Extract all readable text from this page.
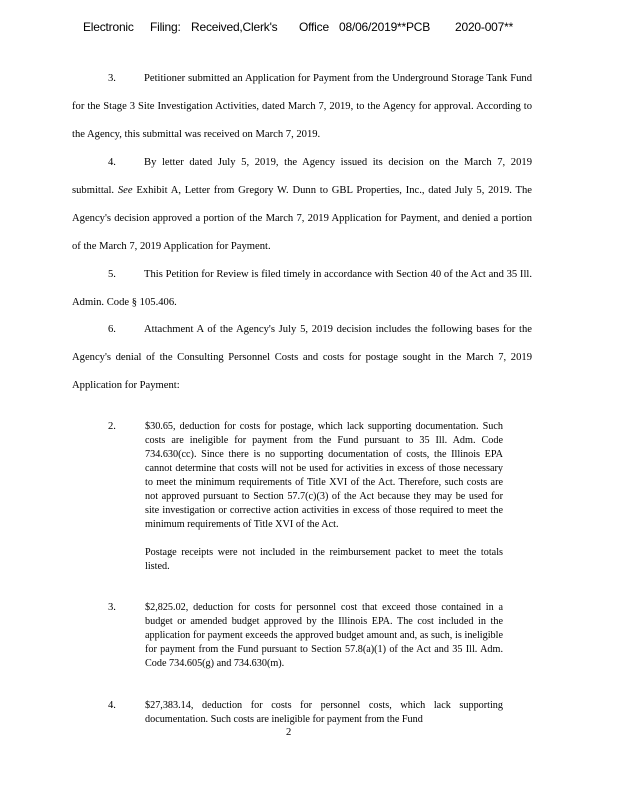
Electronic

Filing:

Received,Clerk's

Office

08/06/2019**PCB

2020-007**

3.	Petitioner submitted an Application for Payment from the Underground Storage Tank Fund for the Stage 3 Site Investigation Activities, dated March 7, 2019, to the Agency for approval. According to the Agency, this submittal was received on March 7, 2019.
4.	By letter dated July 5, 2019, the Agency issued its decision on the March 7, 2019 submittal. See Exhibit A, Letter from Gregory W. Dunn to GBL Properties, Inc., dated July 5, 2019. The Agency's decision approved a portion of the March 7, 2019 Application for Payment, and denied a portion of the March 7, 2019 Application for Payment.
5.	This Petition for Review is filed timely in accordance with Section 40 of the Act and 35 Ill. Admin. Code § 105.406.
6.	Attachment A of the Agency's July 5, 2019 decision includes the following bases for the Agency's denial of the Consulting Personnel Costs and costs for postage sought in the March 7, 2019 Application for Payment:
2.	$30.65, deduction for costs for postage, which lack supporting documentation. Such costs are ineligible for payment from the Fund pursuant to 35 Ill. Adm. Code 734.630(cc). Since there is no supporting documentation of costs, the Illinois EPA cannot determine that costs will not be used for activities in excess of those necessary to meet the minimum requirements of Title XVI of the Act. Therefore, such costs are not approved pursuant to Section 57.7(c)(3) of the Act because they may be used for site investigation or corrective action activities in excess of those required to meet the minimum requirements of Title XVI of the Act.

Postage receipts were not included in the reimbursement packet to meet the totals listed.

3.	$2,825.02, deduction for costs for personnel cost that exceed those contained in a budget or amended budget approved by the Illinois EPA. The cost included in the application for payment exceeds the approved budget amount and, as such, is ineligible for payment from the Fund pursuant to Section 57.8(a)(1) of the Act and 35 Ill. Adm. Code 734.605(g) and 734.630(m).

4.	$27,383.14, deduction for costs for personnel costs, which lack supporting documentation. Such costs are ineligible for payment from the Fund

2
